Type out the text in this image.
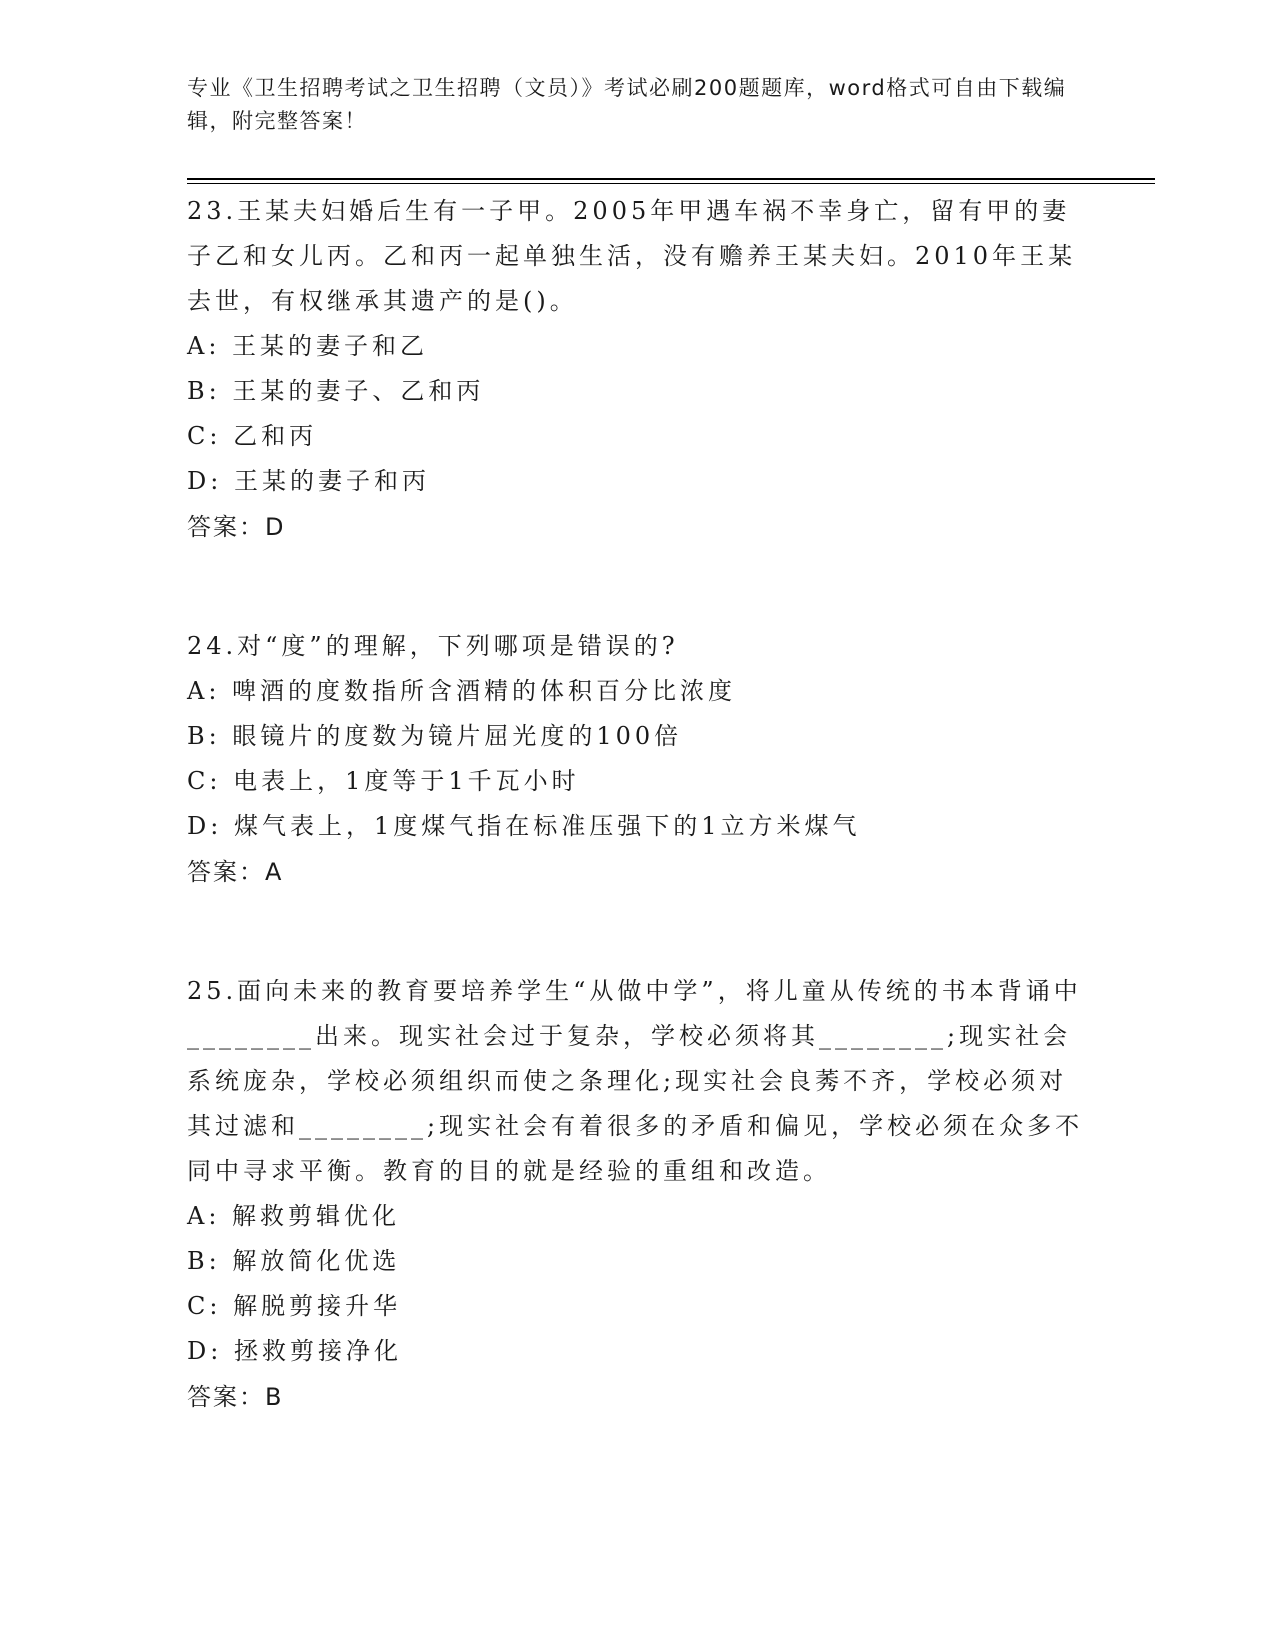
专业《卫生招聘考试之卫生招聘（文员）》考试必刷200题题库，word格式可自由下载编辑，附完整答案！
23.王某夫妇婚后生有一子甲。2005年甲遇车祸不幸身亡，留有甲的妻子乙和女儿丙。乙和丙一起单独生活，没有赡养王某夫妇。2010年王某去世，有权继承其遗产的是()。
A: 王某的妻子和乙
B: 王某的妻子、乙和丙
C: 乙和丙
D: 王某的妻子和丙
答案：D
24.对“度”的理解，下列哪项是错误的?
A: 啤酒的度数指所含酒精的体积百分比浓度
B: 眼镜片的度数为镜片屈光度的100倍
C: 电表上，1度等于1千瓦小时
D: 煤气表上，1度煤气指在标准压强下的1立方米煤气
答案：A
25.面向未来的教育要培养学生“从做中学”，将儿童从传统的书本背诵中________出来。现实社会过于复杂，学校必须将其________;现实社会系统庞杂，学校必须组织而使之条理化;现实社会良莠不齐，学校必须对其过滤和________;现实社会有着很多的矛盾和偏见，学校必须在众多不同中寻求平衡。教育的目的就是经验的重组和改造。
A: 解救剪辑优化
B: 解放简化优选
C: 解脱剪接升华
D: 拯救剪接净化
答案：B
